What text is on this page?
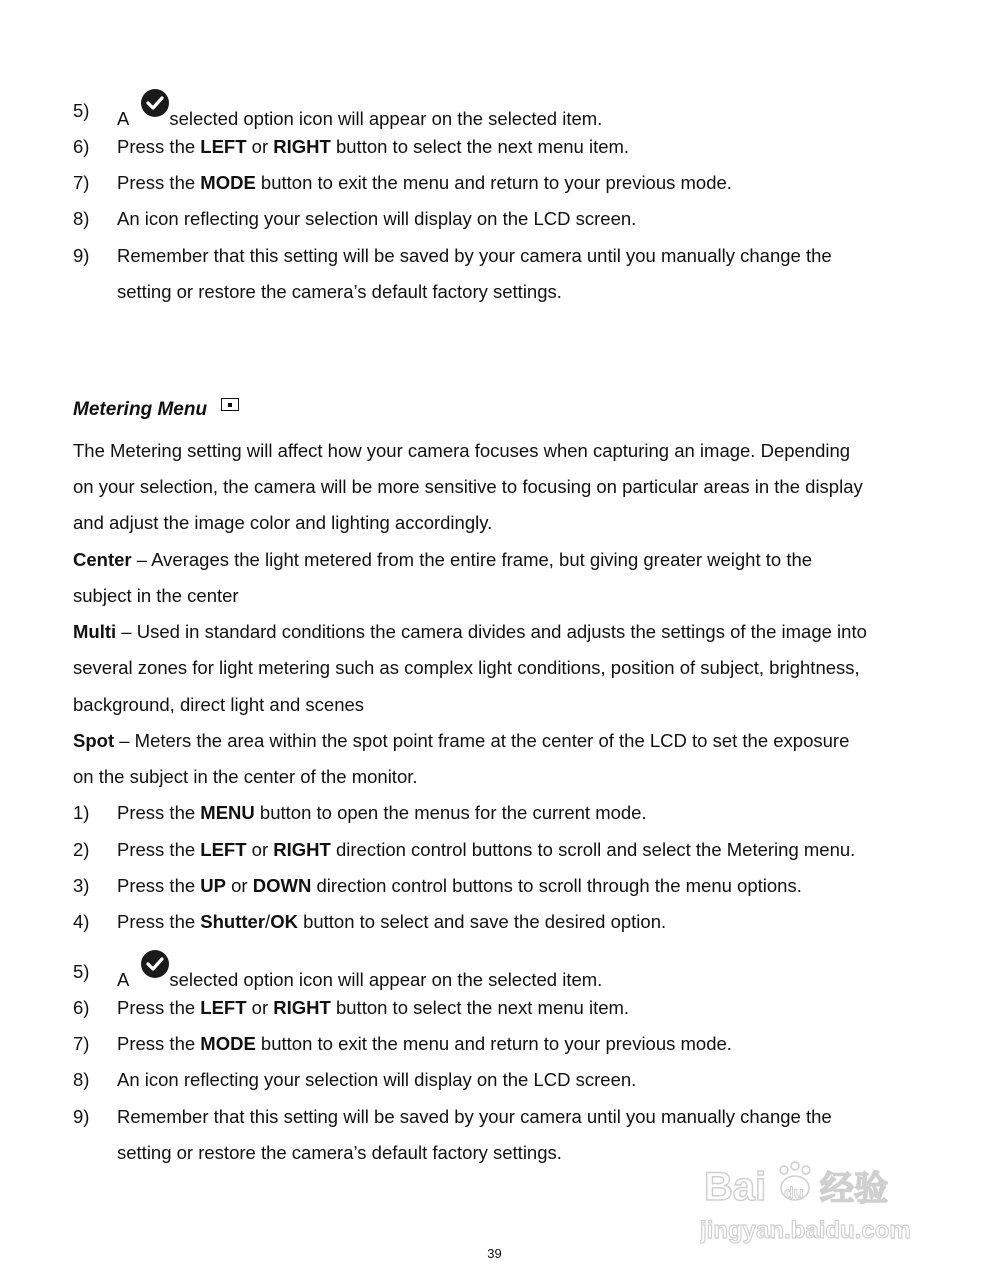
5)	A selected option icon will appear on the selected item.
6)	Press the LEFT or RIGHT button to select the next menu item.
7)	Press the MODE button to exit the menu and return to your previous mode.
8)	An icon reflecting your selection will display on the LCD screen.
9)	Remember that this setting will be saved by your camera until you manually change the
setting or restore the camera’s default factory settings.
Metering Menu
The Metering setting will affect how your camera focuses when capturing an image. Depending
on your selection, the camera will be more sensitive to focusing on particular areas in the display
and adjust the image color and lighting accordingly.
Center – Averages the light metered from the entire frame, but giving greater weight to the
subject in the center
Multi – Used in standard conditions the camera divides and adjusts the settings of the image into
several zones for light metering such as complex light conditions, position of subject, brightness,
background, direct light and scenes
Spot – Meters the area within the spot point frame at the center of the LCD to set the exposure
on the subject in the center of the monitor.
1)	Press the MENU button to open the menus for the current mode.
2)	Press the LEFT or RIGHT direction control buttons to scroll and select the Metering menu.
3)	Press the UP or DOWN direction control buttons to scroll through the menu options.
4)	Press the Shutter/OK button to select and save the desired option.
5)	A selected option icon will appear on the selected item.
6)	Press the LEFT or RIGHT button to select the next menu item.
7)	Press the MODE button to exit the menu and return to your previous mode.
8)	An icon reflecting your selection will display on the LCD screen.
9)	Remember that this setting will be saved by your camera until you manually change the
setting or restore the camera’s default factory settings.
39
Bai du 经验
jingyan.baidu.com
